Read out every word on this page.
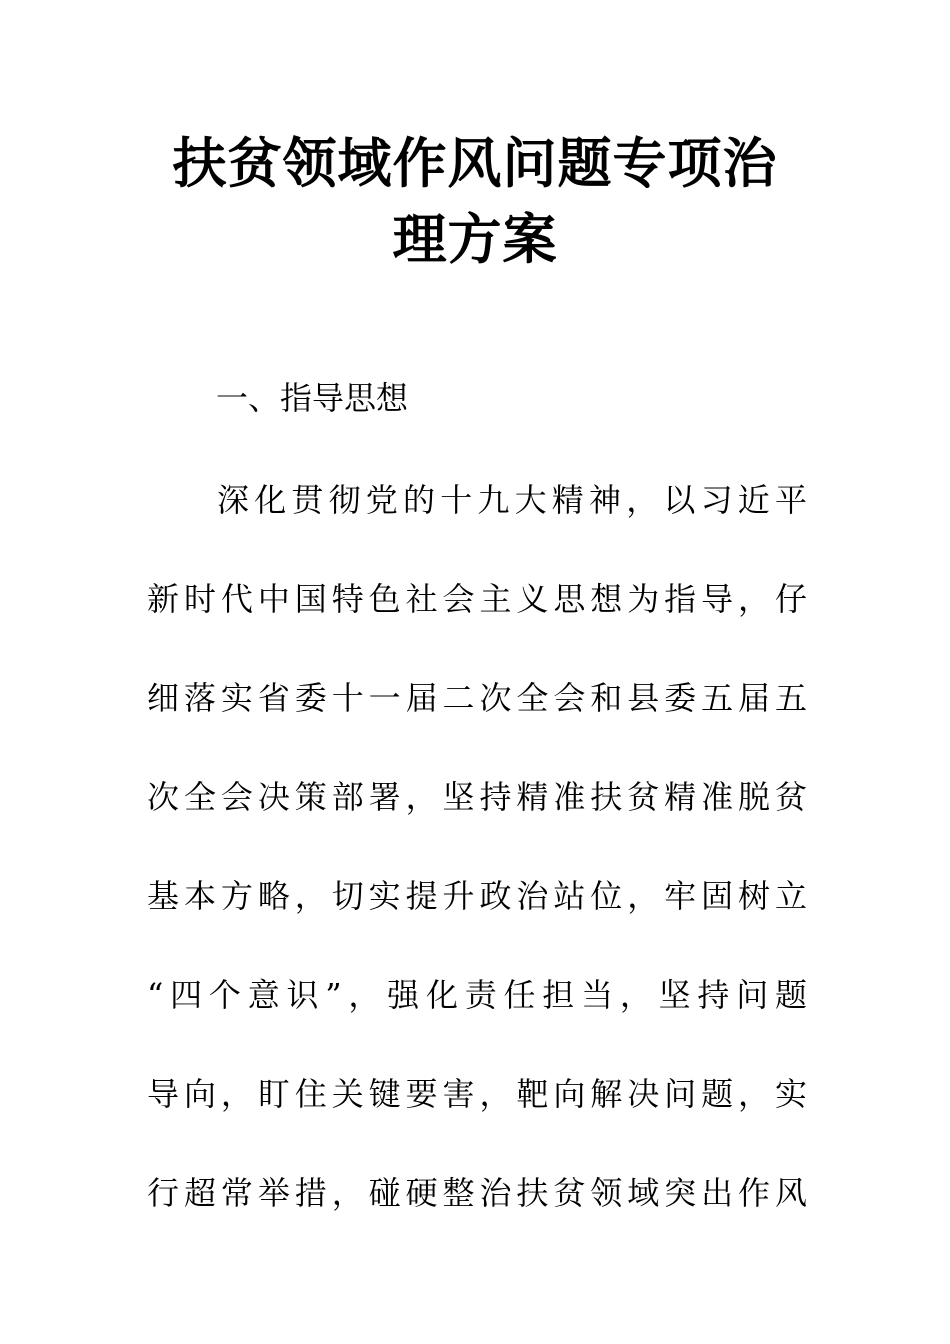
扶贫领域作风问题专项治
理方案

一、指导思想

深化贯彻党的十九大精神，以习近平
新时代中国特色社会主义思想为指导，仔
细落实省委十一届二次全会和县委五届五
次全会决策部署，坚持精准扶贫精准脱贫
基本方略，切实提升政治站位，牢固树立
“四个意识”，强化责任担当，坚持问题
导向，盯住关键要害，靶向解决问题，实
行超常举措，碰硬整治扶贫领域突出作风
